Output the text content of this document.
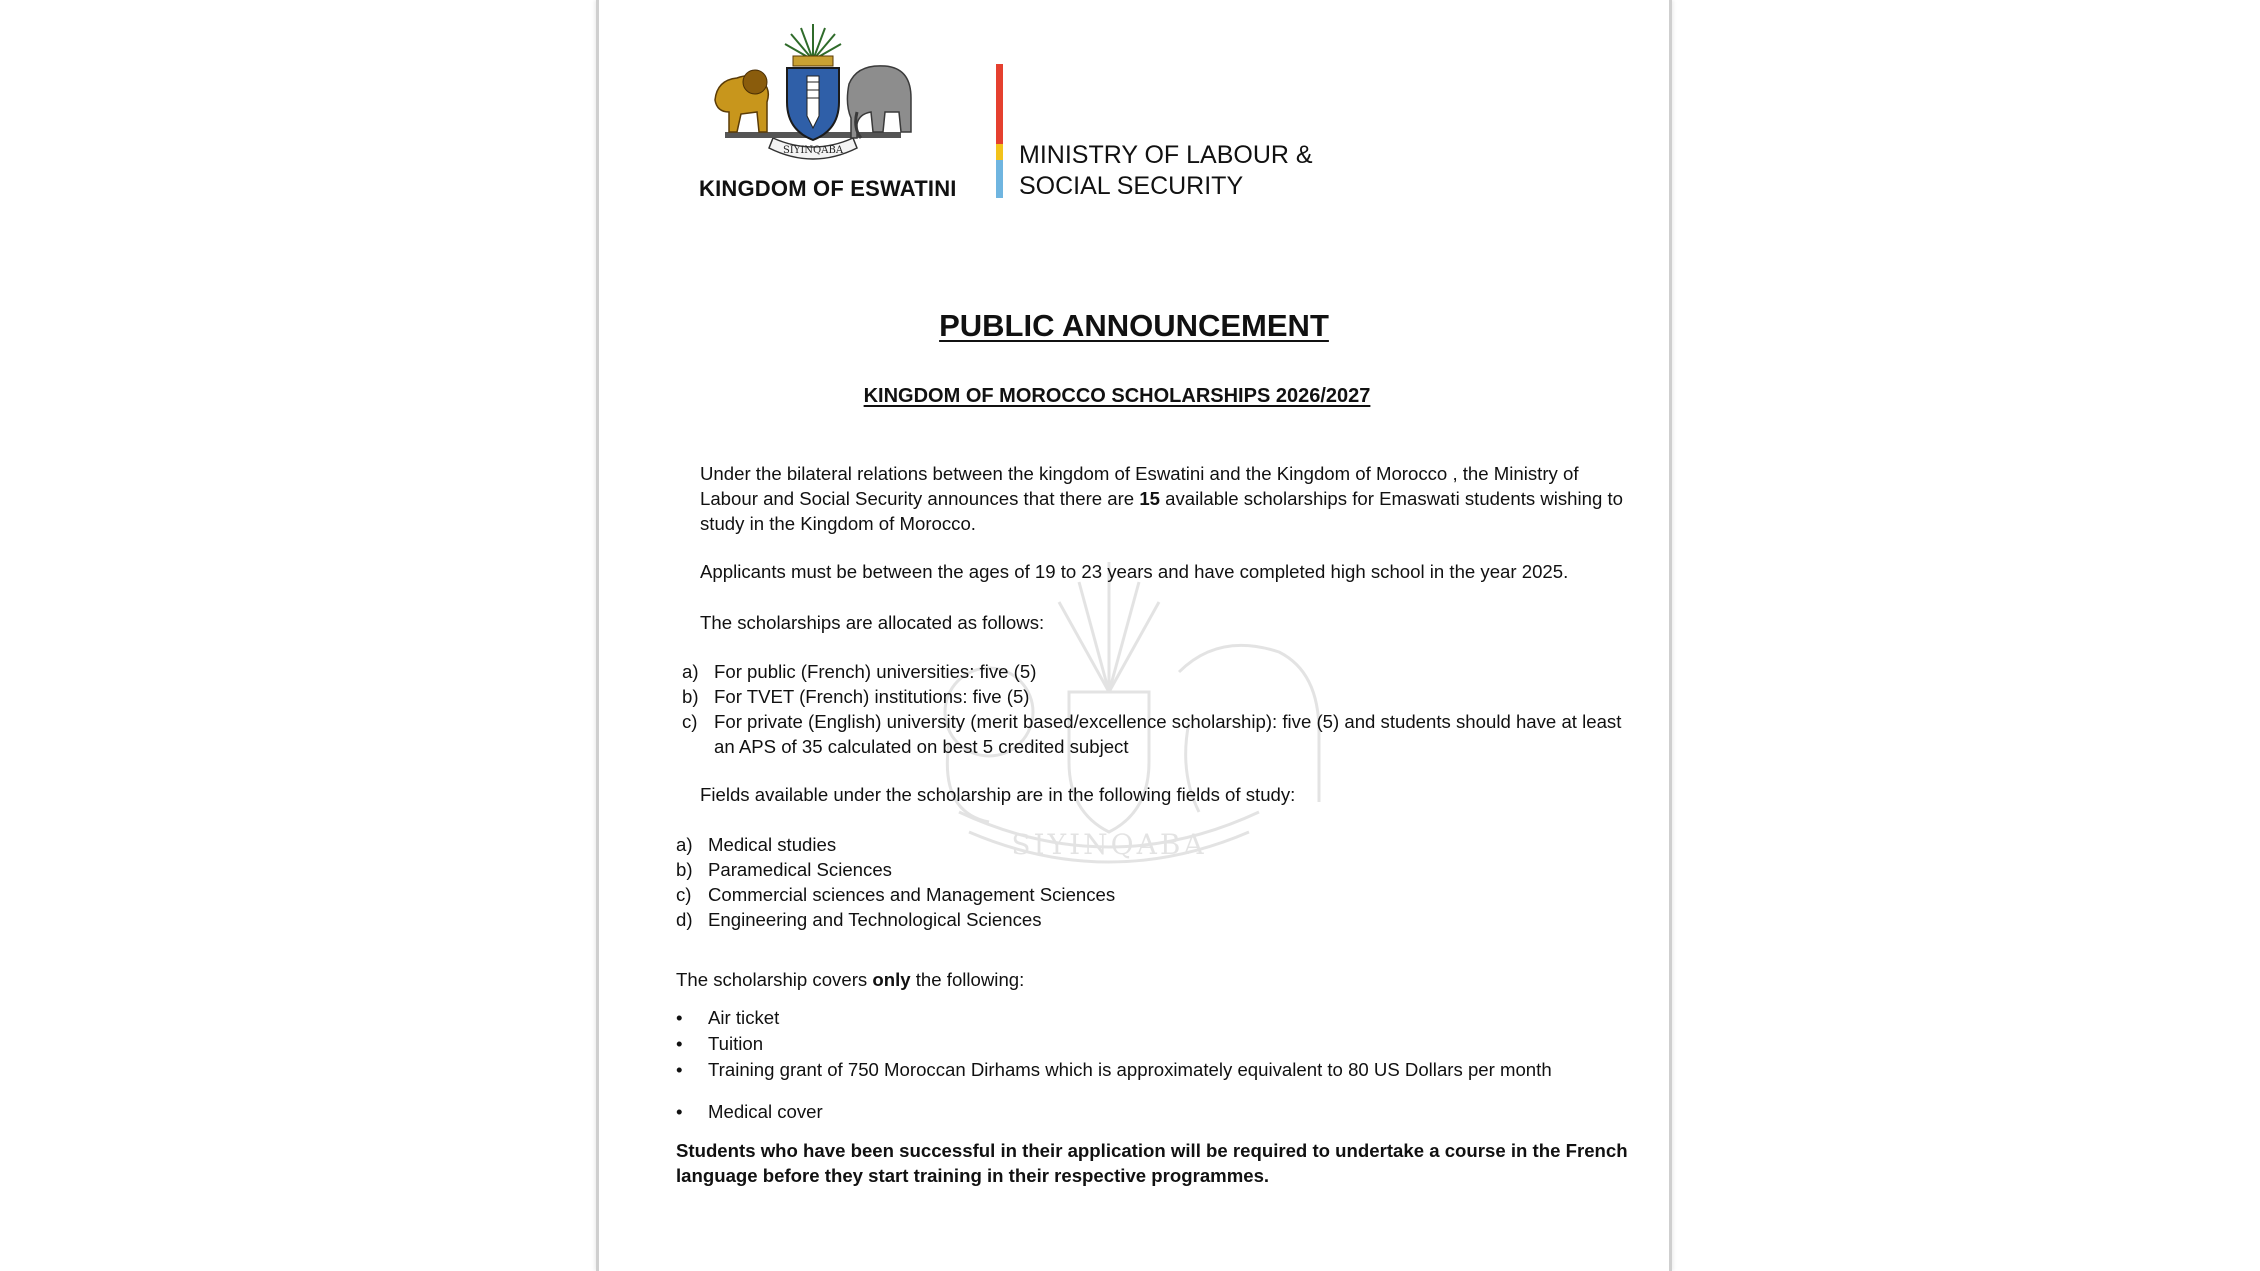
SIYINQABA
KINGDOM OF ESWATINI
MINISTRY OF LABOUR &
SOCIAL SECURITY
SIYINQABA
PUBLIC ANNOUNCEMENT
KINGDOM OF MOROCCO SCHOLARSHIPS 2026/2027
Under the bilateral relations between the kingdom of Eswatini and the Kingdom of Morocco , the Ministry of Labour and Social Security announces that there are 15 available scholarships for Emaswati students wishing to study in the Kingdom of Morocco.
Applicants must be between the ages of 19 to 23 years and have completed high school in the year 2025.
The scholarships are allocated as follows:
a) For public (French) universities: five (5)
b) For TVET (French) institutions: five (5)
c) For private (English) university (merit based/excellence scholarship): five (5) and students should have at least an APS of 35 calculated on best 5 credited subject
Fields available under the scholarship are in the following fields of study:
a) Medical studies
b) Paramedical Sciences
c) Commercial sciences and Management Sciences
d) Engineering and Technological Sciences
The scholarship covers only the following:
•	Air ticket
•	Tuition
•	Training grant of 750 Moroccan Dirhams which is approximately equivalent to 80 US Dollars per month
•	Medical cover
Students who have been successful in their application will be required to undertake a course in the French language before they start training in their respective programmes.
